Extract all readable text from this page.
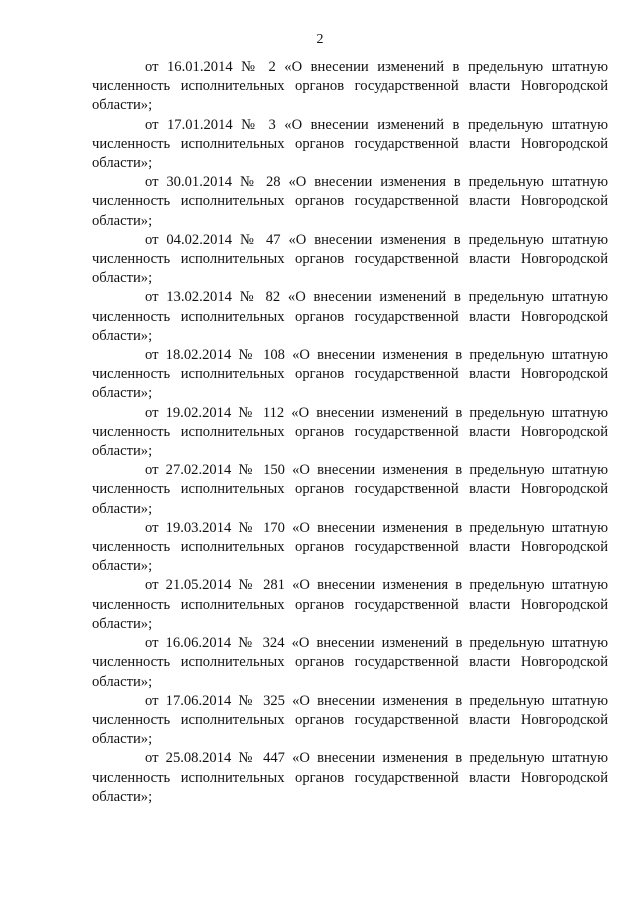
2

от 16.01.2014 № 2 «О внесении изменений в предельную штатную численность исполнительных органов государственной власти Новгородской области»;

от 17.01.2014 № 3 «О внесении изменений в предельную штатную численность исполнительных органов государственной власти Новгородской области»;

от 30.01.2014 № 28 «О внесении изменения в предельную штатную численность исполнительных органов государственной власти Новгородской области»;

от 04.02.2014 № 47 «О внесении изменения в предельную штатную численность исполнительных органов государственной власти Новгородской области»;

от 13.02.2014 № 82 «О внесении изменений в предельную штатную численность исполнительных органов государственной власти Новгородской области»;

от 18.02.2014 № 108 «О внесении изменения в предельную штатную численность исполнительных органов государственной власти Новгородской области»;

от 19.02.2014 № 112 «О внесении изменений в предельную штатную численность исполнительных органов государственной власти Новгородской области»;

от 27.02.2014 № 150 «О внесении изменения в предельную штатную численность исполнительных органов государственной власти Новгородской области»;

от 19.03.2014 № 170 «О внесении изменения в предельную штатную численность исполнительных органов государственной власти Новгородской области»;

от 21.05.2014 № 281 «О внесении изменения в предельную штатную численность исполнительных органов государственной власти Новгородской области»;

от 16.06.2014 № 324 «О внесении изменений в предельную штатную численность исполнительных органов государственной власти Новгородской области»;

от 17.06.2014 № 325 «О внесении изменения в предельную штатную численность исполнительных органов государственной власти Новгородской области»;

от 25.08.2014 № 447 «О внесении изменения в предельную штатную численность исполнительных органов государственной власти Новгородской области»;
